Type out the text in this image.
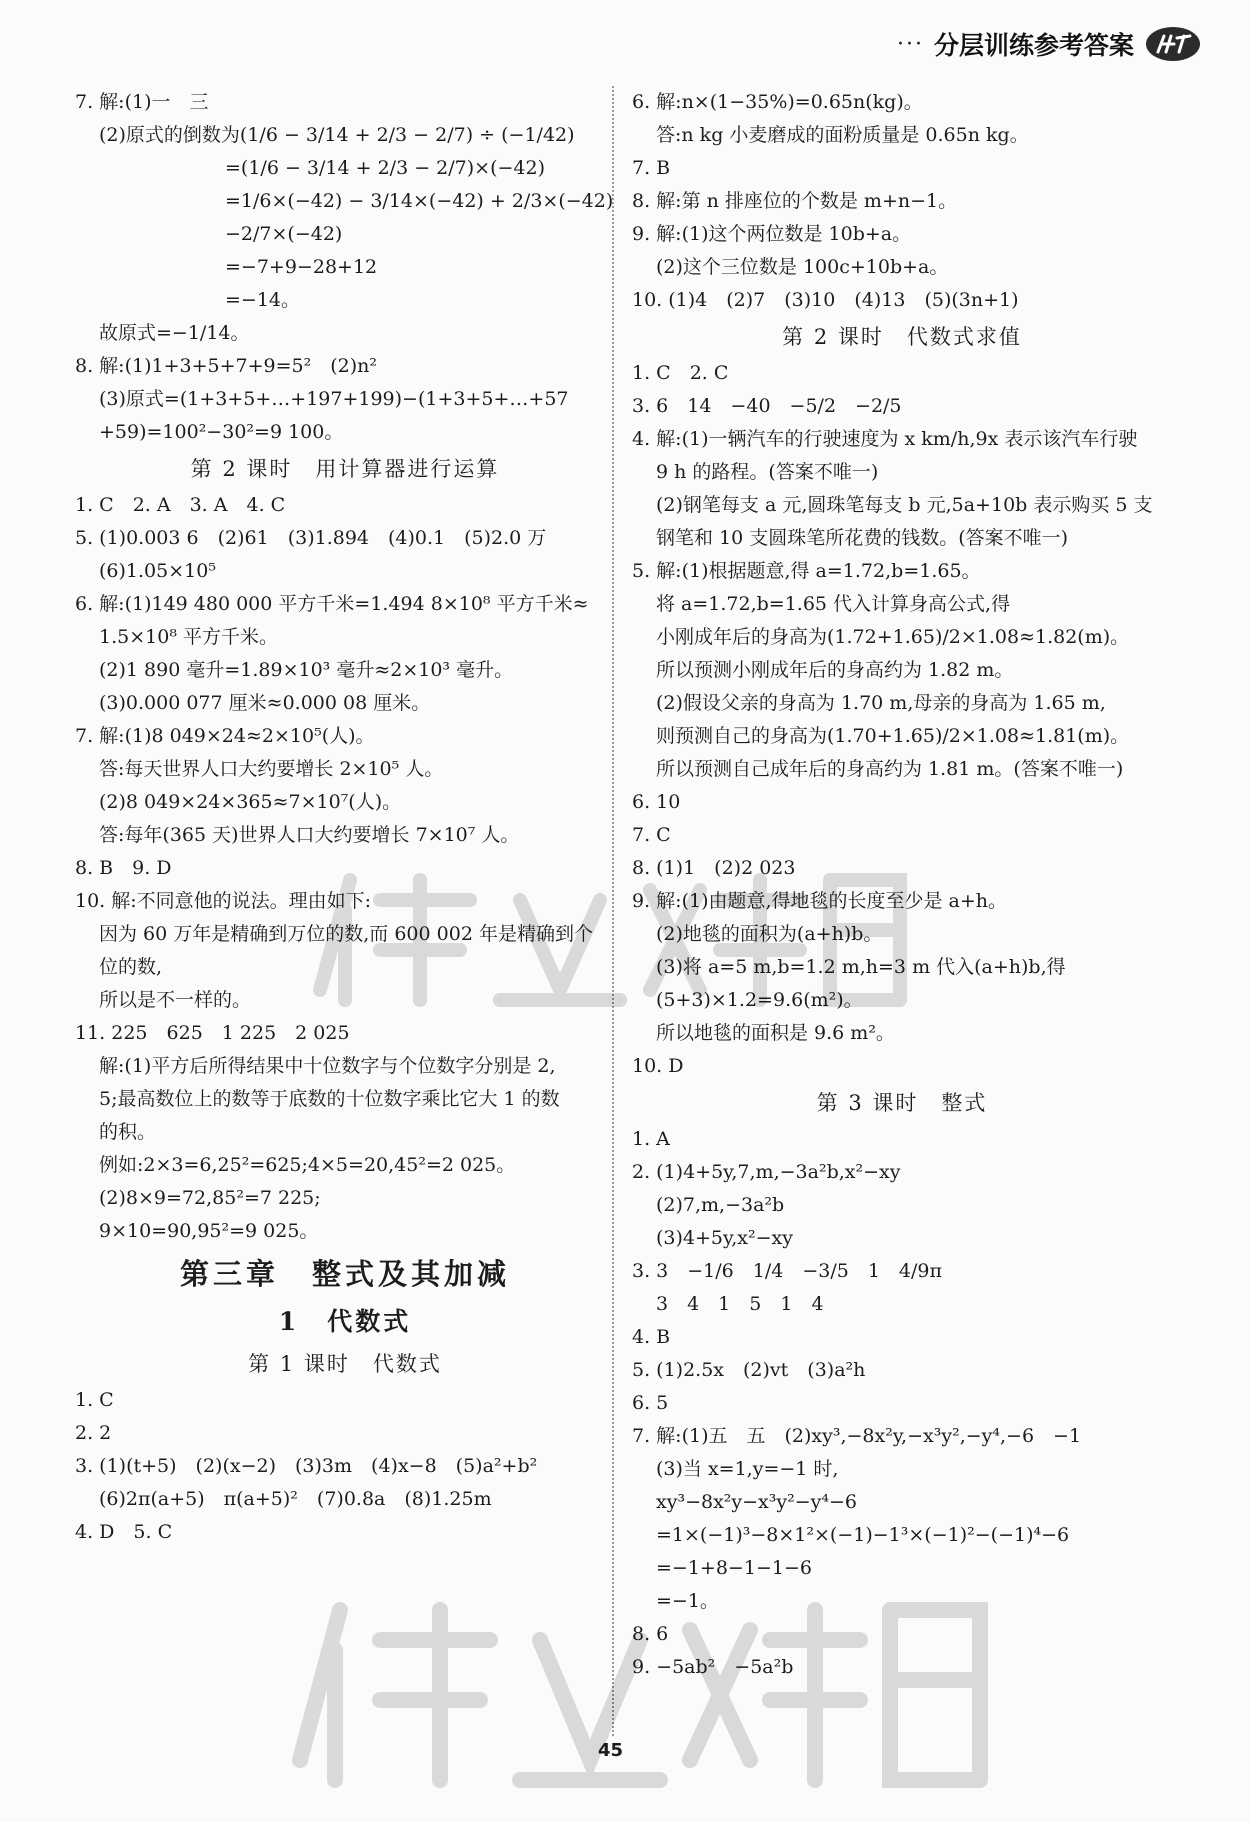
··· 分层训练参考答案
7. 解:(1)一　三
(2)原式的倒数为(1/6 − 3/14 + 2/3 − 2/7) ÷ (−1/42)
=(1/6 − 3/14 + 2/3 − 2/7)×(−42)
=1/6×(−42) − 3/14×(−42) + 2/3×(−42)
−2/7×(−42)
=−7+9−28+12
=−14。
故原式=−1/14。
8. 解:(1)1+3+5+7+9=5²　(2)n²
(3)原式=(1+3+5+…+197+199)−(1+3+5+…+57
+59)=100²−30²=9 100。
第 2 课时　用计算器进行运算
1. C　2. A　3. A　4. C
5. (1)0.003 6　(2)61　(3)1.894　(4)0.1　(5)2.0 万
(6)1.05×10⁵
6. 解:(1)149 480 000 平方千米=1.494 8×10⁸ 平方千米≈
1.5×10⁸ 平方千米。
(2)1 890 毫升=1.89×10³ 毫升≈2×10³ 毫升。
(3)0.000 077 厘米≈0.000 08 厘米。
7. 解:(1)8 049×24≈2×10⁵(人)。
答:每天世界人口大约要增长 2×10⁵ 人。
(2)8 049×24×365≈7×10⁷(人)。
答:每年(365 天)世界人口大约要增长 7×10⁷ 人。
8. B　9. D
10. 解:不同意他的说法。理由如下:
因为 60 万年是精确到万位的数,而 600 002 年是精确到个
位的数,
所以是不一样的。
11. 225　625　1 225　2 025
解:(1)平方后所得结果中十位数字与个位数字分别是 2,
5;最高数位上的数等于底数的十位数字乘比它大 1 的数
的积。
例如:2×3=6,25²=625;4×5=20,45²=2 025。
(2)8×9=72,85²=7 225;
9×10=90,95²=9 025。
第三章　整式及其加减
1　代数式
第 1 课时　代数式
1. C
2. 2
3. (1)(t+5)　(2)(x−2)　(3)3m　(4)x−8　(5)a²+b²
(6)2π(a+5)　π(a+5)²　(7)0.8a　(8)1.25m
4. D　5. C
6. 解:n×(1−35%)=0.65n(kg)。
答:n kg 小麦磨成的面粉质量是 0.65n kg。
7. B
8. 解:第 n 排座位的个数是 m+n−1。
9. 解:(1)这个两位数是 10b+a。
(2)这个三位数是 100c+10b+a。
10. (1)4　(2)7　(3)10　(4)13　(5)(3n+1)
第 2 课时　代数式求值
1. C　2. C
3. 6　14　−40　−5/2　−2/5
4. 解:(1)一辆汽车的行驶速度为 x km/h,9x 表示该汽车行驶
9 h 的路程。(答案不唯一)
(2)钢笔每支 a 元,圆珠笔每支 b 元,5a+10b 表示购买 5 支
钢笔和 10 支圆珠笔所花费的钱数。(答案不唯一)
5. 解:(1)根据题意,得 a=1.72,b=1.65。
将 a=1.72,b=1.65 代入计算身高公式,得
小刚成年后的身高为(1.72+1.65)/2×1.08≈1.82(m)。
所以预测小刚成年后的身高约为 1.82 m。
(2)假设父亲的身高为 1.70 m,母亲的身高为 1.65 m,
则预测自己的身高为(1.70+1.65)/2×1.08≈1.81(m)。
所以预测自己成年后的身高约为 1.81 m。(答案不唯一)
6. 10
7. C
8. (1)1　(2)2 023
9. 解:(1)由题意,得地毯的长度至少是 a+h。
(2)地毯的面积为(a+h)b。
(3)将 a=5 m,b=1.2 m,h=3 m 代入(a+h)b,得
(5+3)×1.2=9.6(m²)。
所以地毯的面积是 9.6 m²。
10. D
第 3 课时　整式
1. A
2. (1)4+5y,7,m,−3a²b,x²−xy
(2)7,m,−3a²b
(3)4+5y,x²−xy
3. 3　−1/6　1/4　−3/5　1　4/9π
3　4　1　5　1　4
4. B
5. (1)2.5x　(2)vt　(3)a²h
6. 5
7. 解:(1)五　五　(2)xy³,−8x²y,−x³y²,−y⁴,−6　−1
(3)当 x=1,y=−1 时,
xy³−8x²y−x³y²−y⁴−6
=1×(−1)³−8×1²×(−1)−1³×(−1)²−(−1)⁴−6
=−1+8−1−1−6
=−1。
8. 6
9. −5ab²　−5a²b
45
